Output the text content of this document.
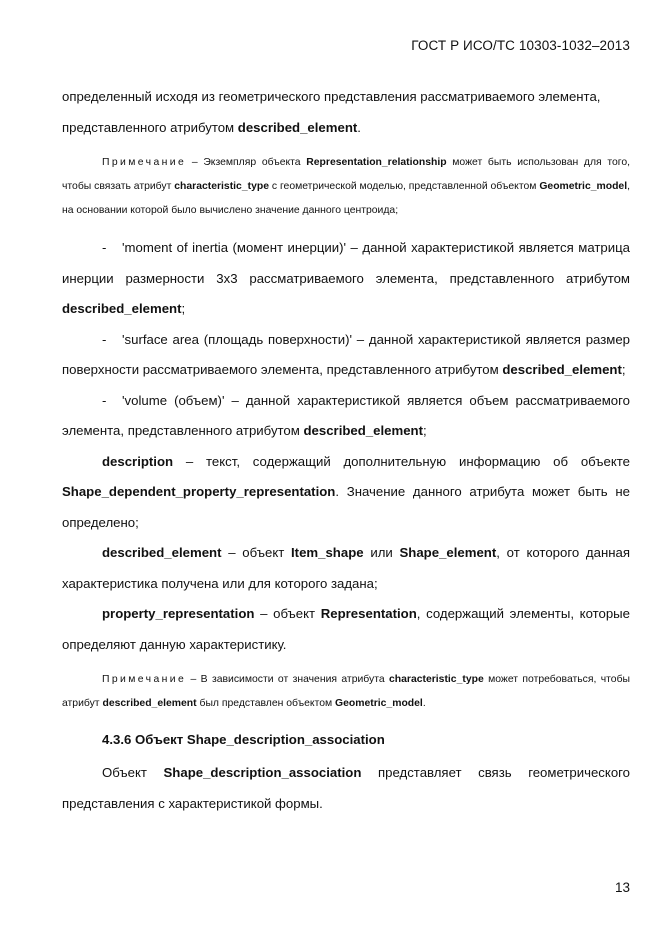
ГОСТ Р ИСО/ТС 10303-1032–2013

определенный исходя из геометрического представления рассматриваемого элемента,
представленного атрибутом described_element.

Примечание – Экземпляр объекта Representation_relationship может быть использован для того, чтобы связать атрибут characteristic_type с геометрической моделью, представленной объектом Geometric_model, на основании которой было вычислено значение данного центроида;

- 'moment of inertia (момент инерции)' – данной характеристикой является матрица инерции размерности 3х3 рассматриваемого элемента, представленного атрибутом described_element;

- 'surface area (площадь поверхности)' – данной характеристикой является размер поверхности рассматриваемого элемента, представленного атрибутом described_element;

- 'volume (объем)' – данной характеристикой является объем рассматриваемого элемента, представленного атрибутом described_element;

description – текст, содержащий дополнительную информацию об объекте Shape_dependent_property_representation. Значение данного атрибута может быть не определено;

described_element – объект Item_shape или Shape_element, от которого данная характеристика получена или для которого задана;

property_representation – объект Representation, содержащий элементы, которые определяют данную характеристику.

Примечание – В зависимости от значения атрибута characteristic_type может потребоваться, чтобы атрибут described_element был представлен объектом Geometric_model.

4.3.6 Объект Shape_description_association

Объект Shape_description_association представляет связь геометрического представления с характеристикой формы.

13
